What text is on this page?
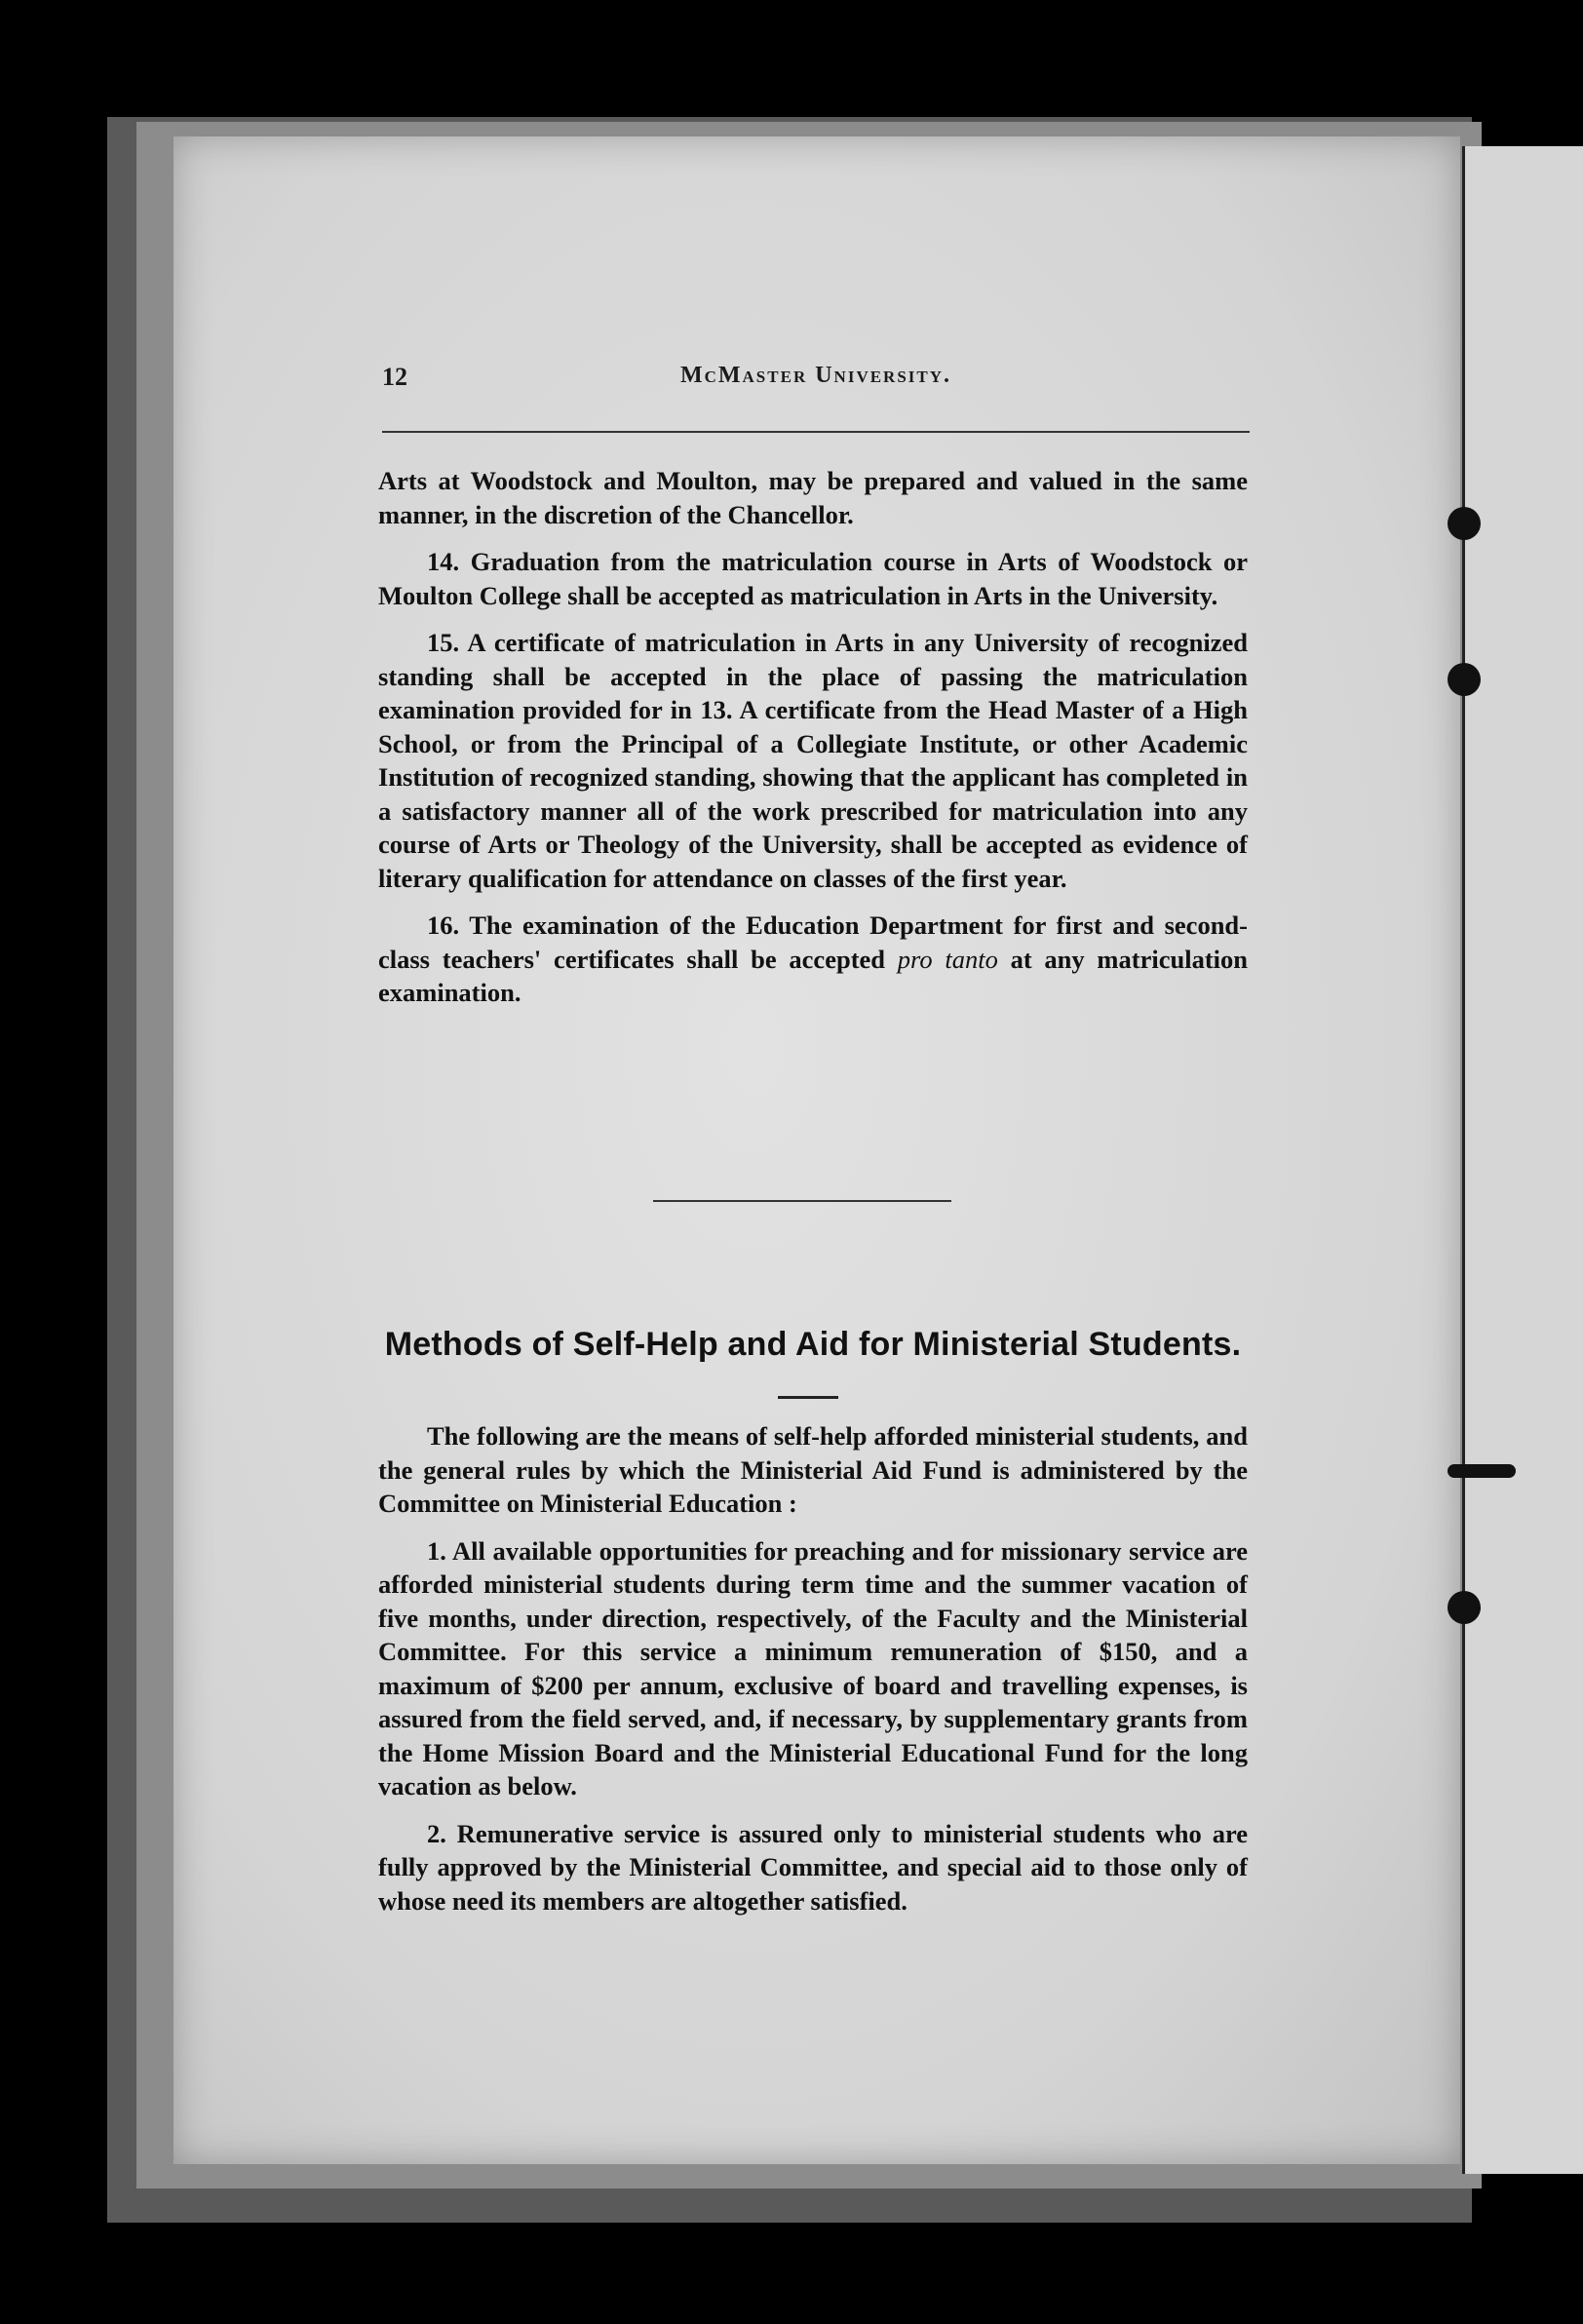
12	McMaster University.

Arts at Woodstock and Moulton, may be prepared and valued in the same manner, in the discretion of the Chancellor.

14. Graduation from the matriculation course in Arts of Woodstock or Moulton College shall be accepted as matriculation in Arts in the University.

15. A certificate of matriculation in Arts in any University of recognized standing shall be accepted in the place of passing the matriculation examination provided for in 13. A certificate from the Head Master of a High School, or from the Principal of a Collegiate Institute, or other Academic Institution of recognized standing, showing that the applicant has completed in a satisfactory manner all of the work prescribed for matriculation into any course of Arts or Theology of the University, shall be accepted as evidence of literary qualification for attendance on classes of the first year.

16. The examination of the Education Department for first and second-class teachers' certificates shall be accepted pro tanto at any matriculation examination.

Methods of Self-Help and Aid for Ministerial Students.

The following are the means of self-help afforded ministerial students, and the general rules by which the Ministerial Aid Fund is administered by the Committee on Ministerial Education :

1. All available opportunities for preaching and for missionary service are afforded ministerial students during term time and the summer vacation of five months, under direction, respectively, of the Faculty and the Ministerial Committee. For this service a minimum remuneration of $150, and a maximum of $200 per annum, exclusive of board and travelling expenses, is assured from the field served, and, if necessary, by supplementary grants from the Home Mission Board and the Ministerial Educational Fund for the long vacation as below.

2. Remunerative service is assured only to ministerial students who are fully approved by the Ministerial Committee, and special aid to those only of whose need its members are altogether satisfied.
